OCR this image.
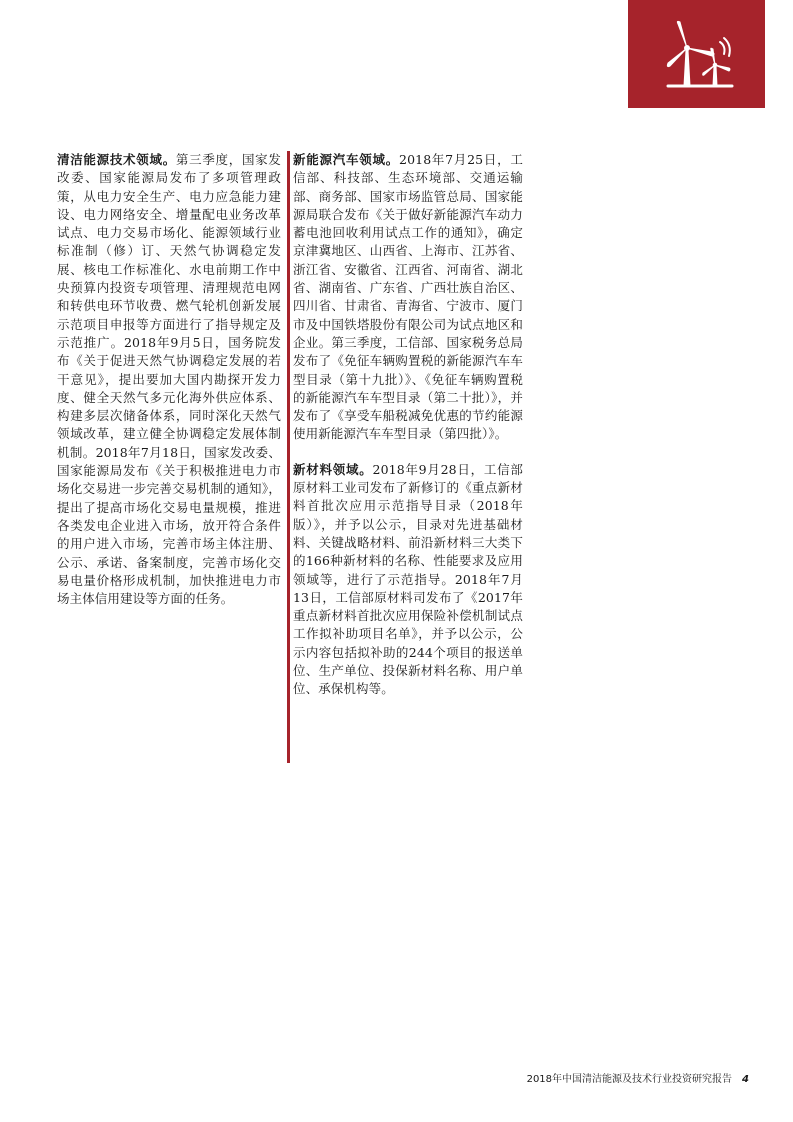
清洁能源技术领域。第三季度，国家发改委、国家能源局发布了多项管理政策，从电力安全生产、电力应急能力建设、电力网络安全、增量配电业务改革试点、电力交易市场化、能源领域行业标准制（修）订、天然气协调稳定发展、核电工作标准化、水电前期工作中央预算内投资专项管理、清理规范电网和转供电环节收费、燃气轮机创新发展示范项目申报等方面进行了指导规定及示范推广。2018年9月5日，国务院发布《关于促进天然气协调稳定发展的若干意见》，提出要加大国内勘探开发力度、健全天然气多元化海外供应体系、构建多层次储备体系，同时深化天然气领域改革，建立健全协调稳定发展体制机制。2018年7月18日，国家发改委、国家能源局发布《关于积极推进电力市场化交易进一步完善交易机制的通知》，提出了提高市场化交易电量规模，推进各类发电企业进入市场，放开符合条件的用户进入市场，完善市场主体注册、公示、承诺、备案制度，完善市场化交易电量价格形成机制，加快推进电力市场主体信用建设等方面的任务。

新能源汽车领域。2018年7月25日，工信部、科技部、生态环境部、交通运输部、商务部、国家市场监管总局、国家能源局联合发布《关于做好新能源汽车动力蓄电池回收利用试点工作的通知》，确定京津冀地区、山西省、上海市、江苏省、浙江省、安徽省、江西省、河南省、湖北省、湖南省、广东省、广西壮族自治区、四川省、甘肃省、青海省、宁波市、厦门市及中国铁塔股份有限公司为试点地区和企业。第三季度，工信部、国家税务总局发布了《免征车辆购置税的新能源汽车车型目录（第十九批）》、《免征车辆购置税的新能源汽车车型目录（第二十批）》，并发布了《享受车船税减免优惠的节约能源 使用新能源汽车车型目录（第四批）》。

新材料领域。2018年9月28日，工信部原材料工业司发布了新修订的《重点新材料首批次应用示范指导目录（2018年版）》，并予以公示，目录对先进基础材料、关键战略材料、前沿新材料三大类下的166种新材料的名称、性能要求及应用领域等，进行了示范指导。2018年7月13日，工信部原材料司发布了《2017年重点新材料首批次应用保险补偿机制试点工作拟补助项目名单》，并予以公示，公示内容包括拟补助的244个项目的报送单位、生产单位、投保新材料名称、用户单位、承保机构等。

2018年中国清洁能源及技术行业投资研究报告 4
